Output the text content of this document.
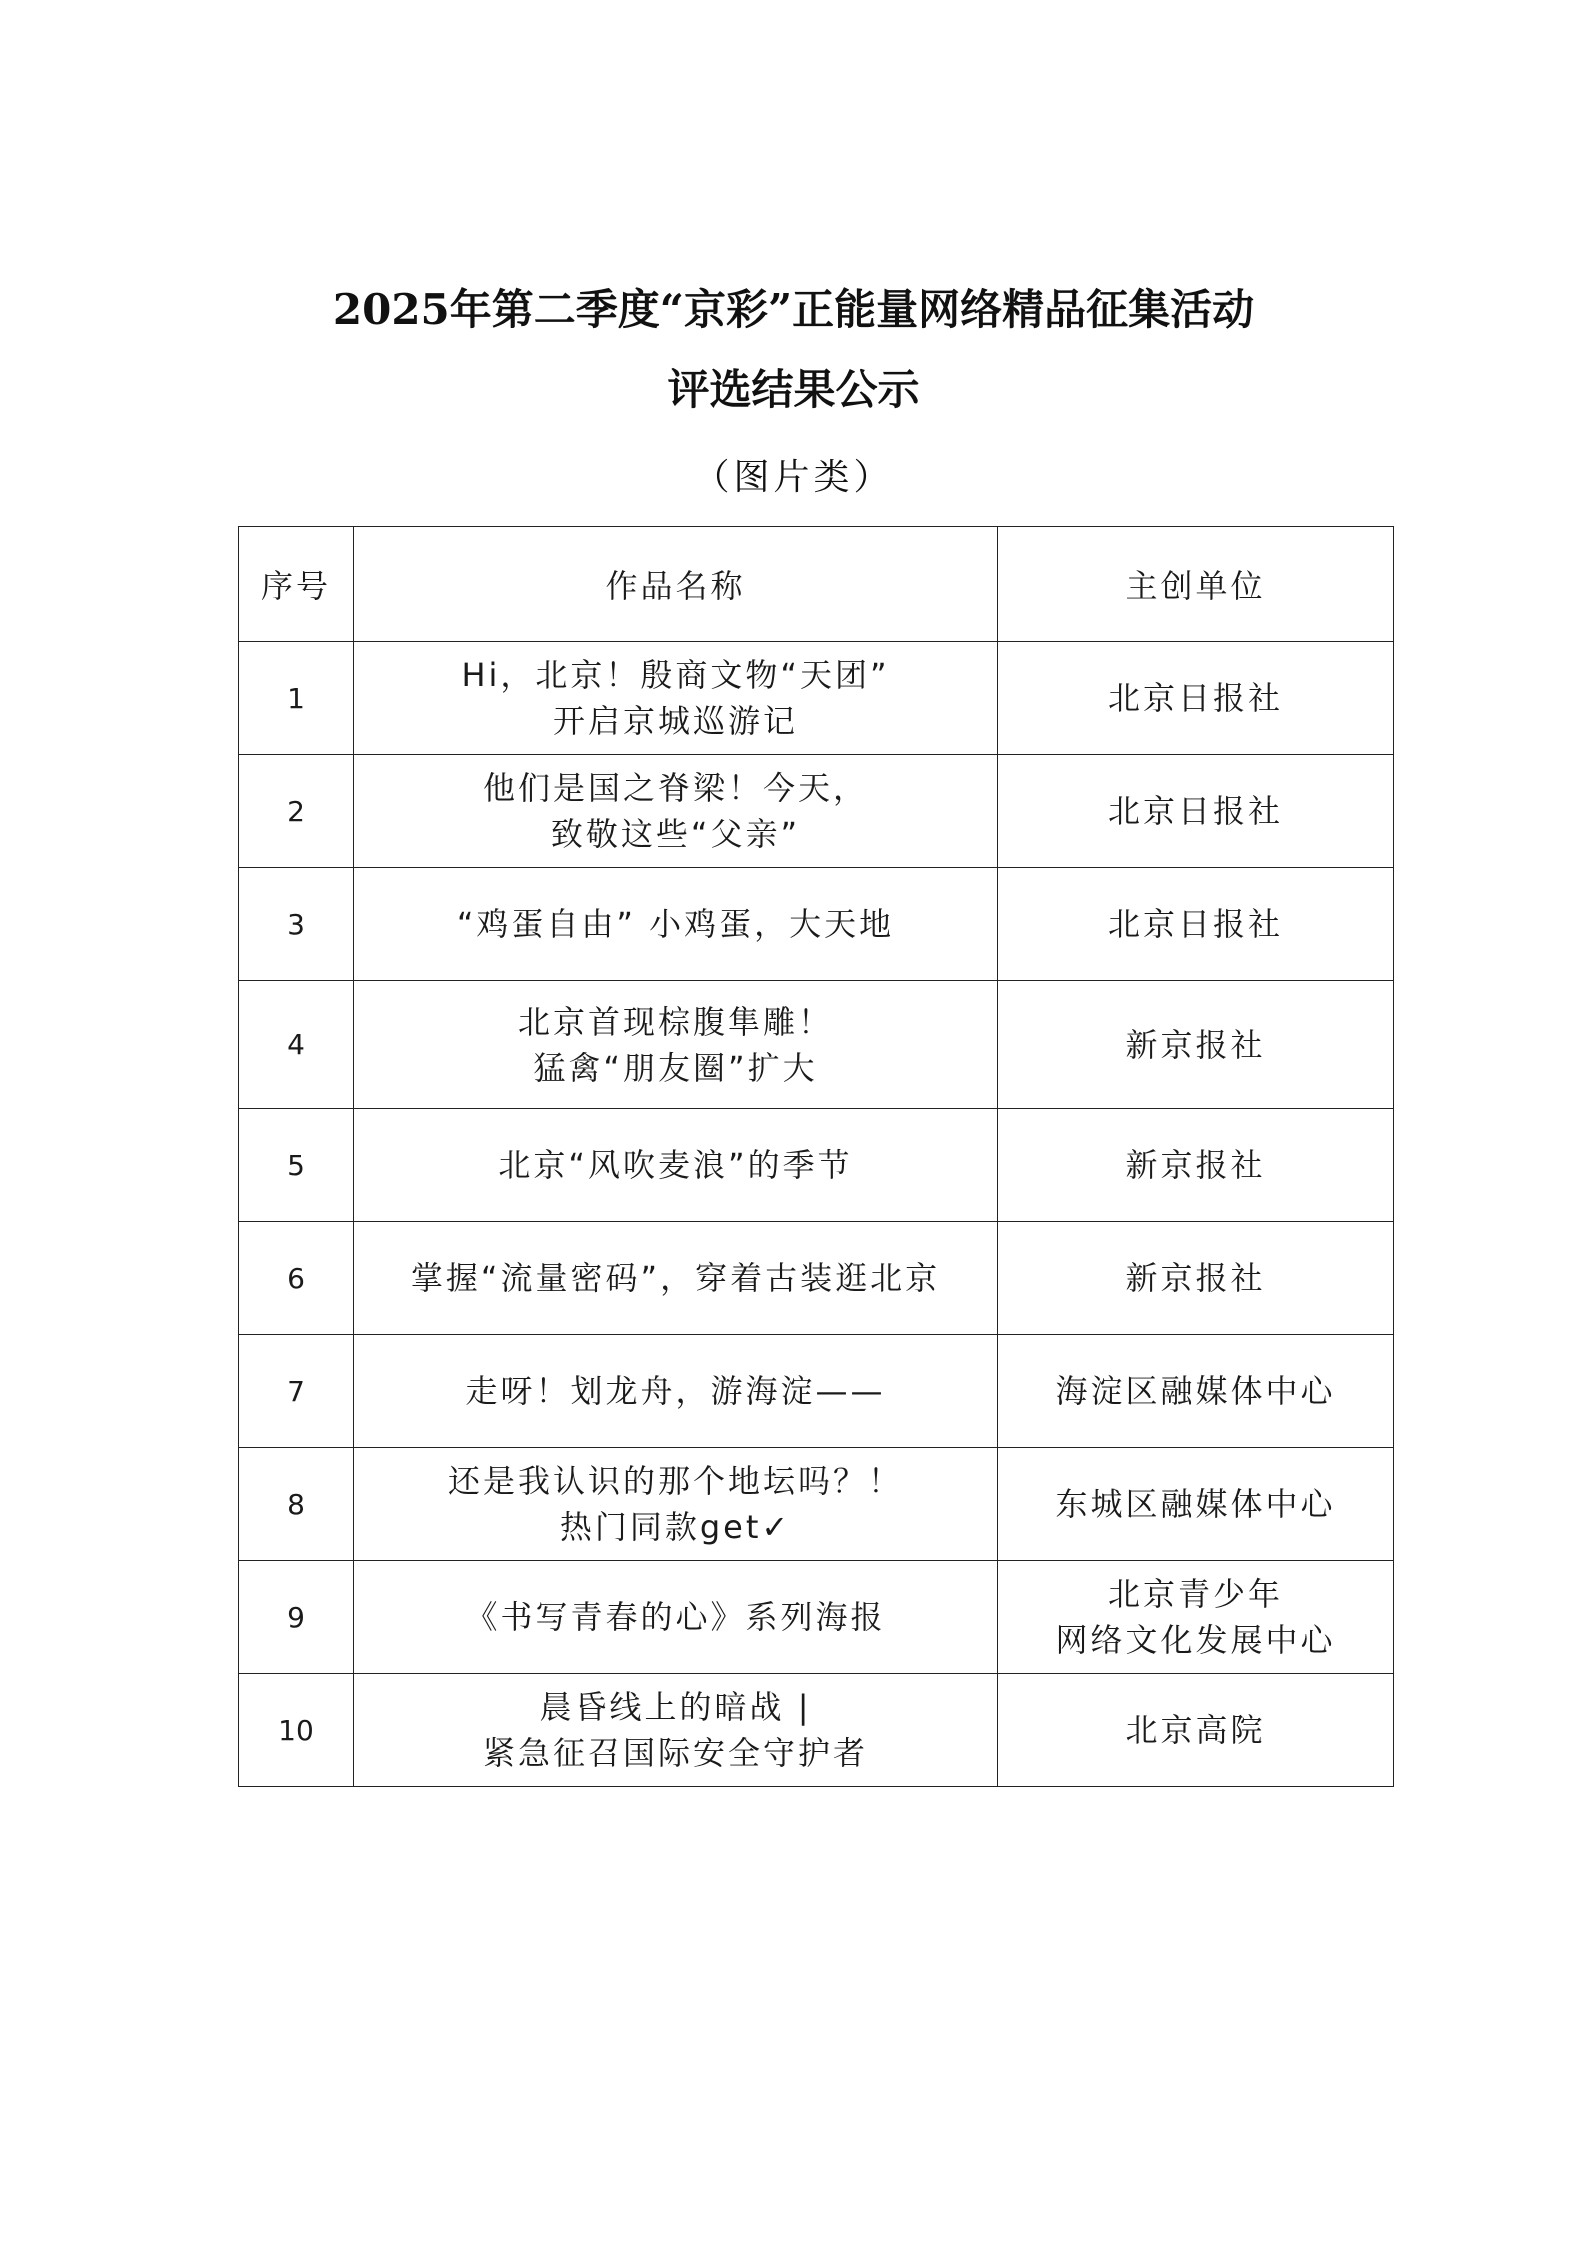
2025年第二季度“京彩”正能量网络精品征集活动
评选结果公示
（图片类）
序号	作品名称	主创单位
1	Hi，北京！殷商文物“天团”
开启京城巡游记	北京日报社

2	他们是国之脊梁！今天，
致敬这些“父亲”	北京日报社

3	“鸡蛋自由” 小鸡蛋，大天地	北京日报社

4	北京首现棕腹隼雕！
猛禽“朋友圈”扩大	新京报社

5	北京“风吹麦浪”的季节	新京报社

6	掌握“流量密码”，穿着古装逛北京	新京报社

7	走呀！划龙舟，游海淀——	海淀区融媒体中心

8	还是我认识的那个地坛吗？！
热门同款get✓	东城区融媒体中心

9	《书写青春的心》系列海报	北京青少年
网络文化发展中心

10	晨昏线上的暗战 |
紧急征召国际安全守护者	北京高院
